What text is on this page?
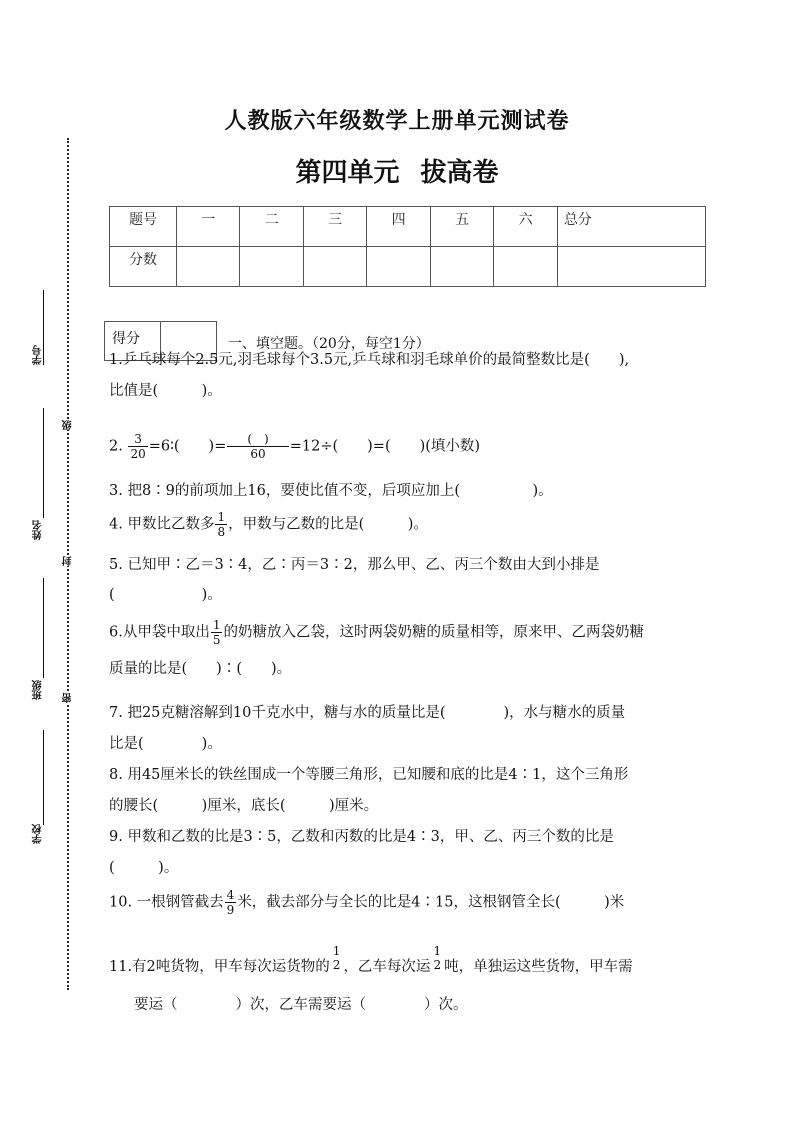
学号
级
姓名
封
班级	密
学校
人教版六年级数学上册单元测试卷
第四单元 拔高卷
题号	一	二	三	四	五	六	总分
分数							
得分		一、填空题。（20分，每空1分）
1.乒乓球每个2.5元,羽毛球每个3.5元,乒乓球和羽毛球单价的最简整数比是(　　),
比值是(　　　)。
2. $\frac{3}{20}$ =6∶(　　)= $\frac{( )}{60} =12\div$(　　)=(　　)(填小数)
3. 把8∶9的前项加上16，要使比值不变，后项应加上(　　　　　)。
4. 甲数比乙数多 $\frac{1}{8}$ ，甲数与乙数的比是(　　　)。
5. 已知甲∶乙＝3∶4，乙∶丙＝3∶2，那么甲、乙、丙三个数由大到小排是
(　　　　　　)。
6.从甲袋中取出 $\frac{1}{5}$ 的奶糖放入乙袋，这时两袋奶糖的质量相等，原来甲、乙两袋奶糖
质量的比是(　　)∶(　　)。
7. 把25克糖溶解到10千克水中，糖与水的质量比是(　　　　)，水与糖水的质量
比是(　　　　)。
8. 用45厘米长的铁丝围成一个等腰三角形，已知腰和底的比是4∶1，这个三角形
的腰长(　　　)厘米，底长(　　　)厘米。
9. 甲数和乙数的比是3∶5，乙数和丙数的比是4∶3，甲、乙、丙三个数的比是
(　　　)。
10. 一根钢管截去 $\frac{4}{9}$ 米，截去部分与全长的比是4∶15，这根钢管全长(　　　)米
11.有2吨货物，甲车每次运货物的
1
2 ，乙车每次运
1
2 吨，单独运这些货物，甲车需
要运（　　　　）次，乙车需要运（　　　　）次。
